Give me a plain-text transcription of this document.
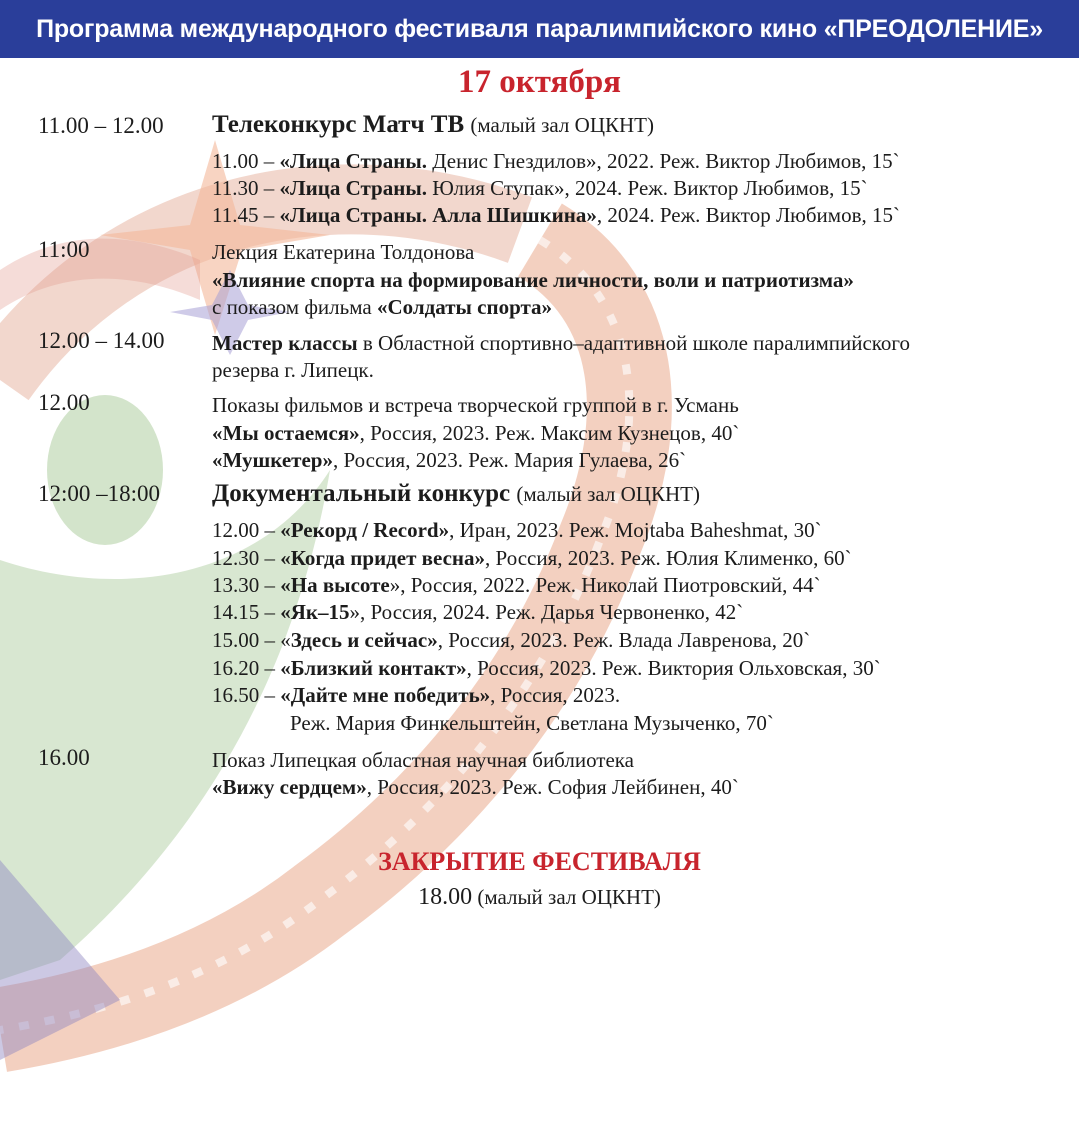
Программа международного фестиваля паралимпийского кино «ПРЕОДОЛЕНИЕ»
17 октября
11.00 – 12.00 Телеконкурс Матч ТВ (малый зал ОЦКНТ)
11.00 – «Лица Страны. Денис Гнездилов», 2022. Реж. Виктор Любимов, 15`
11.30 – «Лица Страны. Юлия Ступак», 2024. Реж. Виктор Любимов, 15`
11.45 – «Лица Страны. Алла Шишкина», 2024. Реж. Виктор Любимов, 15`
11:00	Лекция Екатерина Толдонова
«Влияние спорта на формирование личности, воли и патриотизма»
с показом фильма «Солдаты спорта»
12.00 – 14.00 Мастер классы в Областной спортивно–адаптивной школе паралимпийского
резерва г. Липецк.
12.00	Показы фильмов и встреча творческой группой в г. Усмань
«Мы остаемся», Россия, 2023. Реж. Максим Кузнецов, 40`
«Мушкетер», Россия, 2023. Реж. Мария Гулаева, 26`
12:00 –18:00 Документальный конкурс (малый зал ОЦКНТ)
12.00 – «Рекорд / Record», Иран, 2023. Реж. Mojtaba Baheshmat, 30`
12.30 – «Когда придет весна», Россия, 2023. Реж. Юлия Клименко, 60`
13.30 – «На высоте», Россия, 2022. Реж. Николай Пиотровский, 44`
14.15 – «Як–15», Россия, 2024. Реж. Дарья Червоненко, 42`
15.00 – «Здесь и сейчас», Россия, 2023. Реж. Влада Лавренова, 20`
16.20 – «Близкий контакт», Россия, 2023. Реж. Виктория Ольховская, 30`
16.50 – «Дайте мне победить», Россия, 2023.
Реж. Мария Финкельштейн, Светлана Музыченко, 70`
16.00	Показ Липецкая областная научная библиотека
«Вижу сердцем», Россия, 2023. Реж. София Лейбинен, 40`
ЗАКРЫТИЕ ФЕСТИВАЛЯ
18.00 (малый зал ОЦКНТ)
